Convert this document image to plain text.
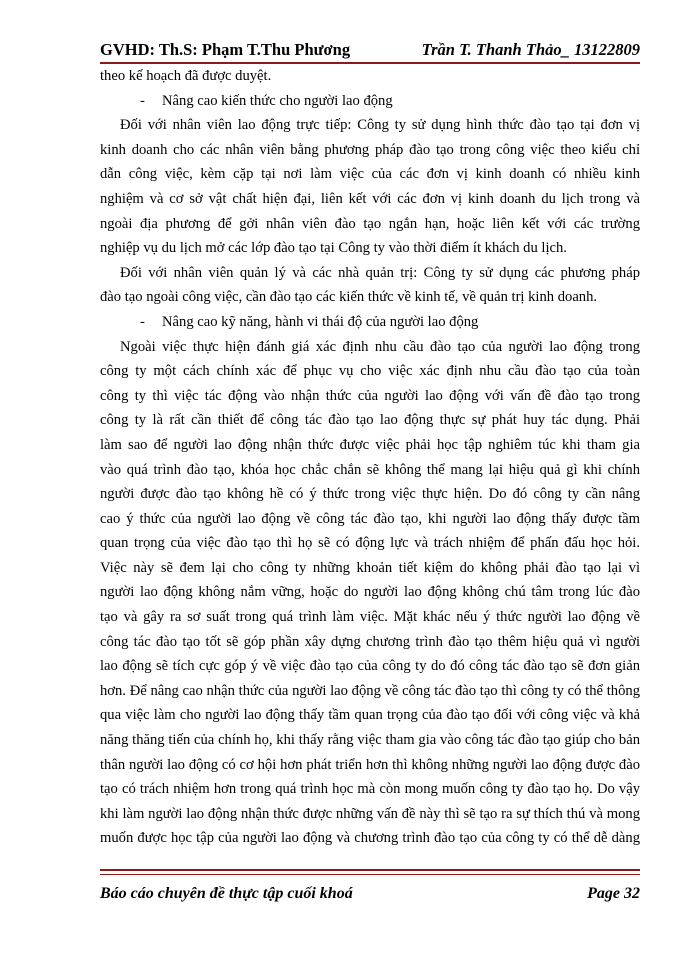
GVHD: Th.S: Phạm T.Thu Phương	Trần T. Thanh Thảo_ 13122809
theo kế hoạch đã được duyệt.
- Nâng cao kiến thức cho người lao động
Đối với nhân viên lao động trực tiếp: Công ty sử dụng hình thức đào tạo tại đơn vị
kinh doanh cho các nhân viên bằng phương pháp đào tạo trong công việc theo kiểu chỉ
dẫn công việc, kèm cặp tại nơi làm việc của các đơn vị kinh doanh có nhiều kinh
nghiệm và cơ sở vật chất hiện đại, liên kết với các đơn vị kinh doanh du lịch trong và
ngoài địa phương để gởi nhân viên đào tạo ngắn hạn, hoặc liên kết với các trường
nghiệp vụ du lịch mở các lớp đào tạo tại Công ty vào thời điểm ít khách du lịch.
Đối với nhân viên quản lý và các nhà quản trị: Công ty sử dụng các phương pháp
đào tạo ngoài công việc, cần đào tạo các kiến thức về kinh tế, về quản trị kinh doanh.
- Nâng cao kỹ năng, hành vi thái độ của người lao động
Ngoài việc thực hiện đánh giá xác định nhu cầu đào tạo của người lao động trong
công ty một cách chính xác để phục vụ cho việc xác định nhu cầu đào tạo của toàn
công ty thì việc tác động vào nhận thức của người lao động với vấn đề đào tạo trong
công ty là rất cần thiết để công tác đào tạo lao động thực sự phát huy tác dụng. Phải
làm sao để người lao động nhận thức được việc phải học tập nghiêm túc khi tham gia
vào quá trình đào tạo, khóa học chắc chắn sẽ không thể mang lại hiệu quả gì khi chính
người được đào tạo không hề có ý thức trong việc thực hiện. Do đó công ty cần nâng
cao ý thức của người lao động về công tác đào tạo, khi người lao động thấy được tầm
quan trọng của việc đào tạo thì họ sẽ có động lực và trách nhiệm để phấn đấu học hỏi.
Việc này sẽ đem lại cho công ty những khoản tiết kiệm do không phải đào tạo lại vì
người lao động không nắm vững, hoặc do người lao động không chú tâm trong lúc đào
tạo và gây ra sơ suất trong quá trình làm việc. Mặt khác nếu ý thức người lao động về
công tác đào tạo tốt sẽ góp phần xây dựng chương trình đào tạo thêm hiệu quả vì người
lao động sẽ tích cực góp ý về việc đào tạo của công ty do đó công tác đào tạo sẽ đơn giản
hơn. Để nâng cao nhận thức của người lao động về công tác đào tạo thì công ty có thể thông
qua việc làm cho người lao động thấy tầm quan trọng của đào tạo đối với công việc và khả
năng thăng tiến của chính họ, khi thấy rằng việc tham gia vào công tác đào tạo giúp cho bản
thân người lao động có cơ hội hơn phát triển hơn thì không những người lao động được đào
tạo có trách nhiệm hơn trong quá trình học mà còn mong muốn công ty đào tạo họ. Do vậy
khi làm người lao động nhận thức được những vấn đề này thì sẽ tạo ra sự thích thú và mong
muốn được học tập của người lao động và chương trình đào tạo của công ty có thể dễ dàng
Báo cáo chuyên đề thực tập cuối khoá	Page 32
